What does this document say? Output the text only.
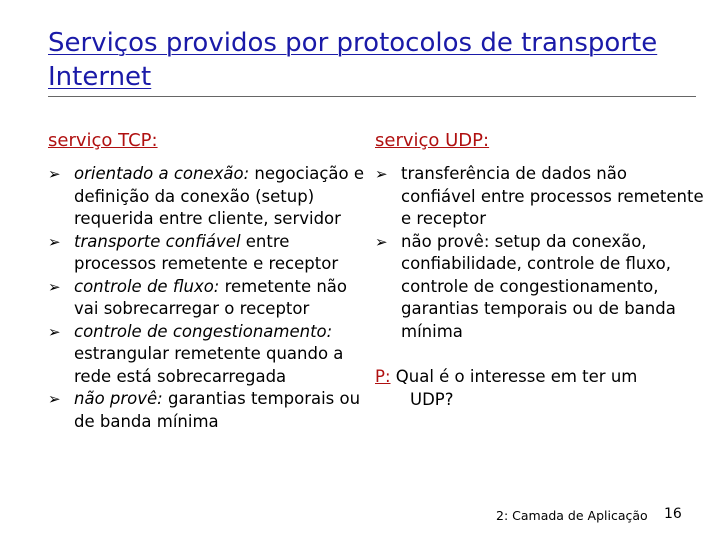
Serviços providos por protocolos de transporte Internet
serviço TCP:
➢ orientado a conexão: negociação e definição da conexão (setup) requerida entre cliente, servidor
➢ transporte confiável entre processos remetente e receptor
➢ controle de fluxo: remetente não vai sobrecarregar o receptor
➢ controle de congestionamento: estrangular remetente quando a rede está sobrecarregada
➢ não provê: garantias temporais ou de banda mínima
serviço UDP:
➢ transferência de dados não confiável entre processos remetente e receptor
➢ não provê: setup da conexão, confiabilidade, controle de fluxo, controle de congestionamento, garantias temporais ou de banda mínima
P: Qual é o interesse em ter um
UDP?
2: Camada de Aplicação 16
